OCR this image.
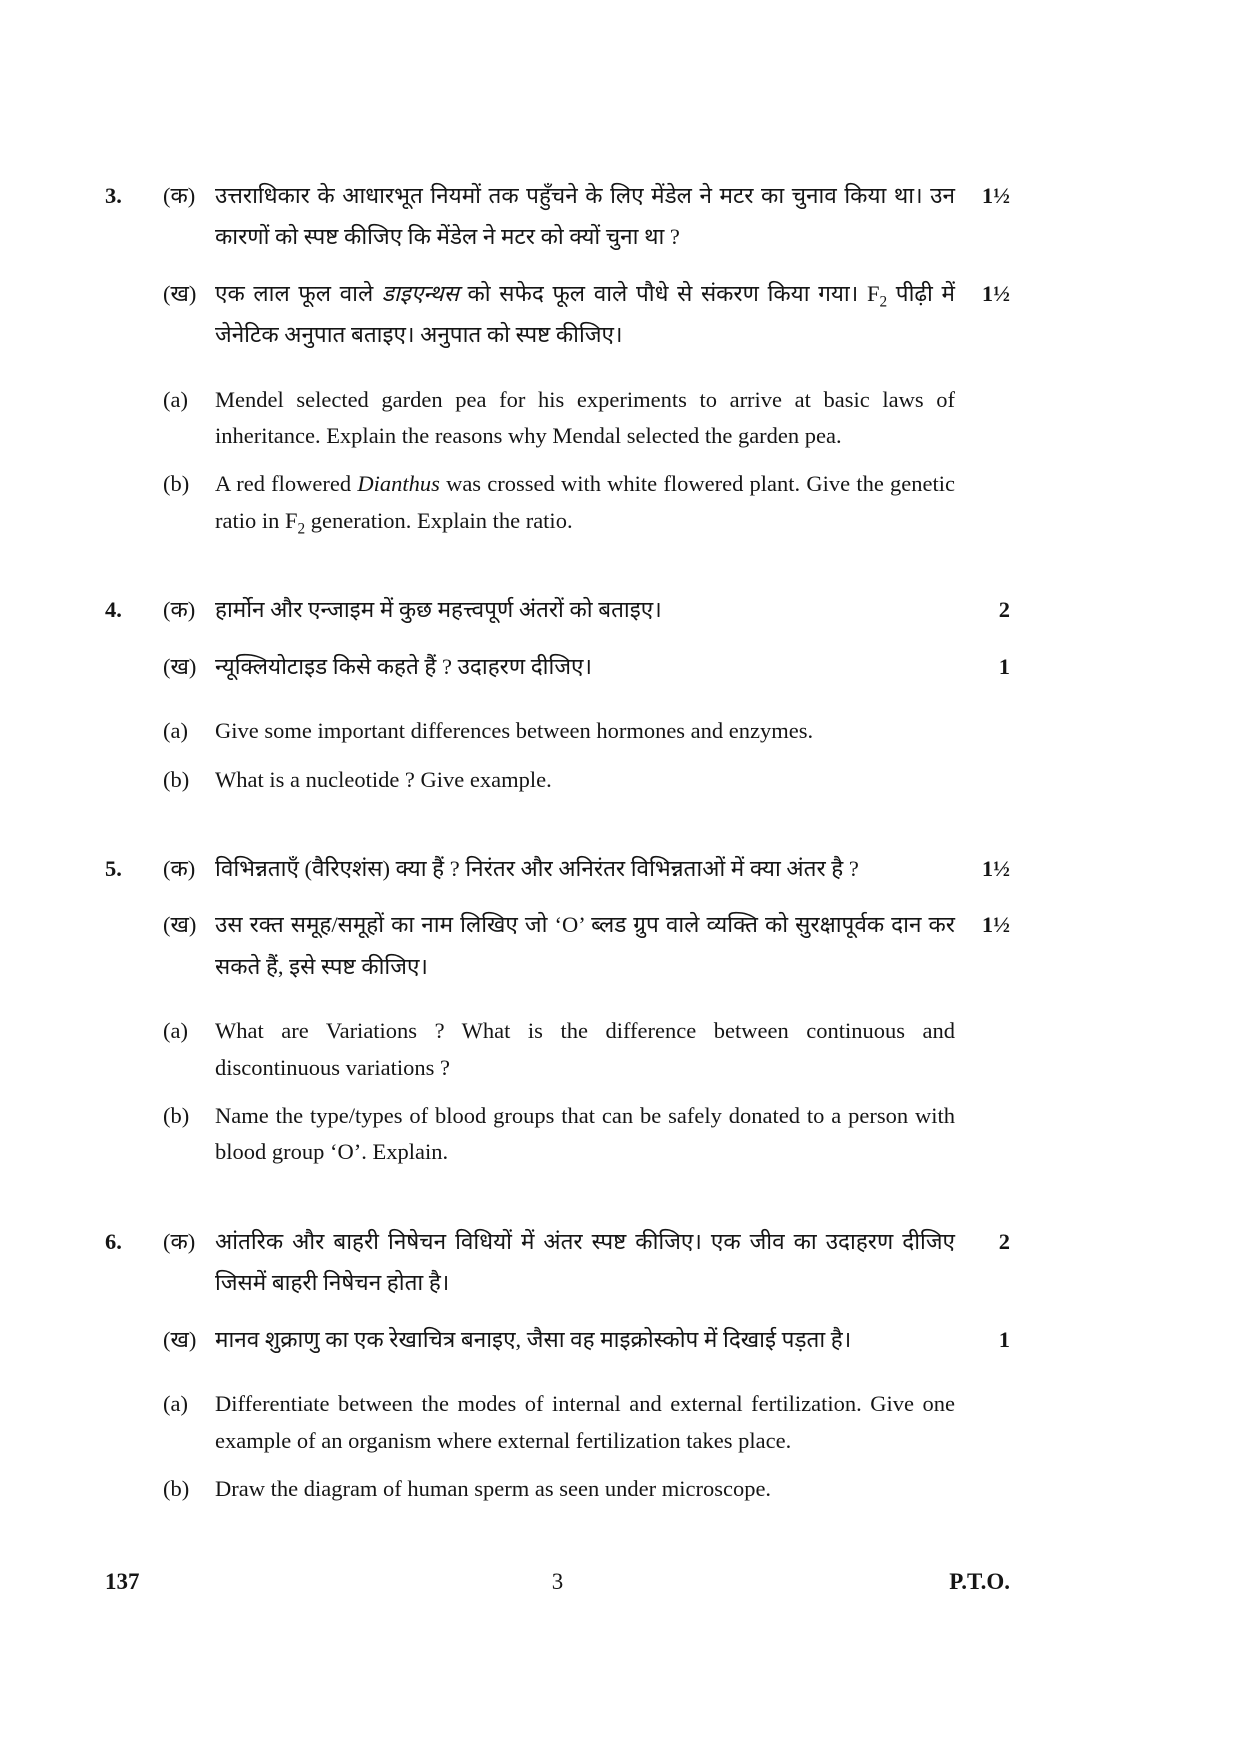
3.	(क) उत्तराधिकार के आधारभूत नियमों तक पहुँचने के लिए मेंडेल ने मटर का चुनाव किया था। उन कारणों को स्पष्ट कीजिए कि मेंडेल ने मटर को क्यों चुना था ?
1½
(ख) एक लाल फूल वाले डाइएन्थस को सफेद फूल वाले पौधे से संकरण किया गया। $F_2$ पीढ़ी में जेनेटिक अनुपात बताइए। अनुपात को स्पष्ट कीजिए।
1½
(a)	Mendel selected garden pea for his experiments to arrive at basic laws of inheritance. Explain the reasons why Mendal selected the garden pea.
(b)	A red flowered Dianthus was crossed with white flowered plant. Give the genetic ratio in $F_2$ generation. Explain the ratio.
4.	(क) हार्मोन और एन्जाइम में कुछ महत्त्वपूर्ण अंतरों को बताइए।	2
(ख) न्यूक्लियोटाइड किसे कहते हैं ? उदाहरण दीजिए।	1
(a)	Give some important differences between hormones and enzymes.
(b)	What is a nucleotide ? Give example.
5.	(क) विभिन्नताएँ (वैरिएशंस) क्या हैं ? निरंतर और अनिरंतर विभिन्नताओं में क्या अंतर है ?	1½
(ख) उस रक्त समूह/समूहों का नाम लिखिए जो ‘O’ ब्लड ग्रुप वाले व्यक्ति को सुरक्षापूर्वक दान कर सकते हैं, इसे स्पष्ट कीजिए।
1½
(a)	What are Variations ? What is the difference between continuous and discontinuous variations ?
(b)	Name the type/types of blood groups that can be safely donated to a person with blood group ‘O’. Explain.
6.	(क) आंतरिक और बाहरी निषेचन विधियों में अंतर स्पष्ट कीजिए। एक जीव का उदाहरण दीजिए जिसमें बाहरी निषेचन होता है।
2
(ख) मानव शुक्राणु का एक रेखाचित्र बनाइए, जैसा वह माइक्रोस्कोप में दिखाई पड़ता है।	1
(a)	Differentiate between the modes of internal and external fertilization. Give one example of an organism where external fertilization takes place.
(b)	Draw the diagram of human sperm as seen under microscope.
137	3	P.T.O.
